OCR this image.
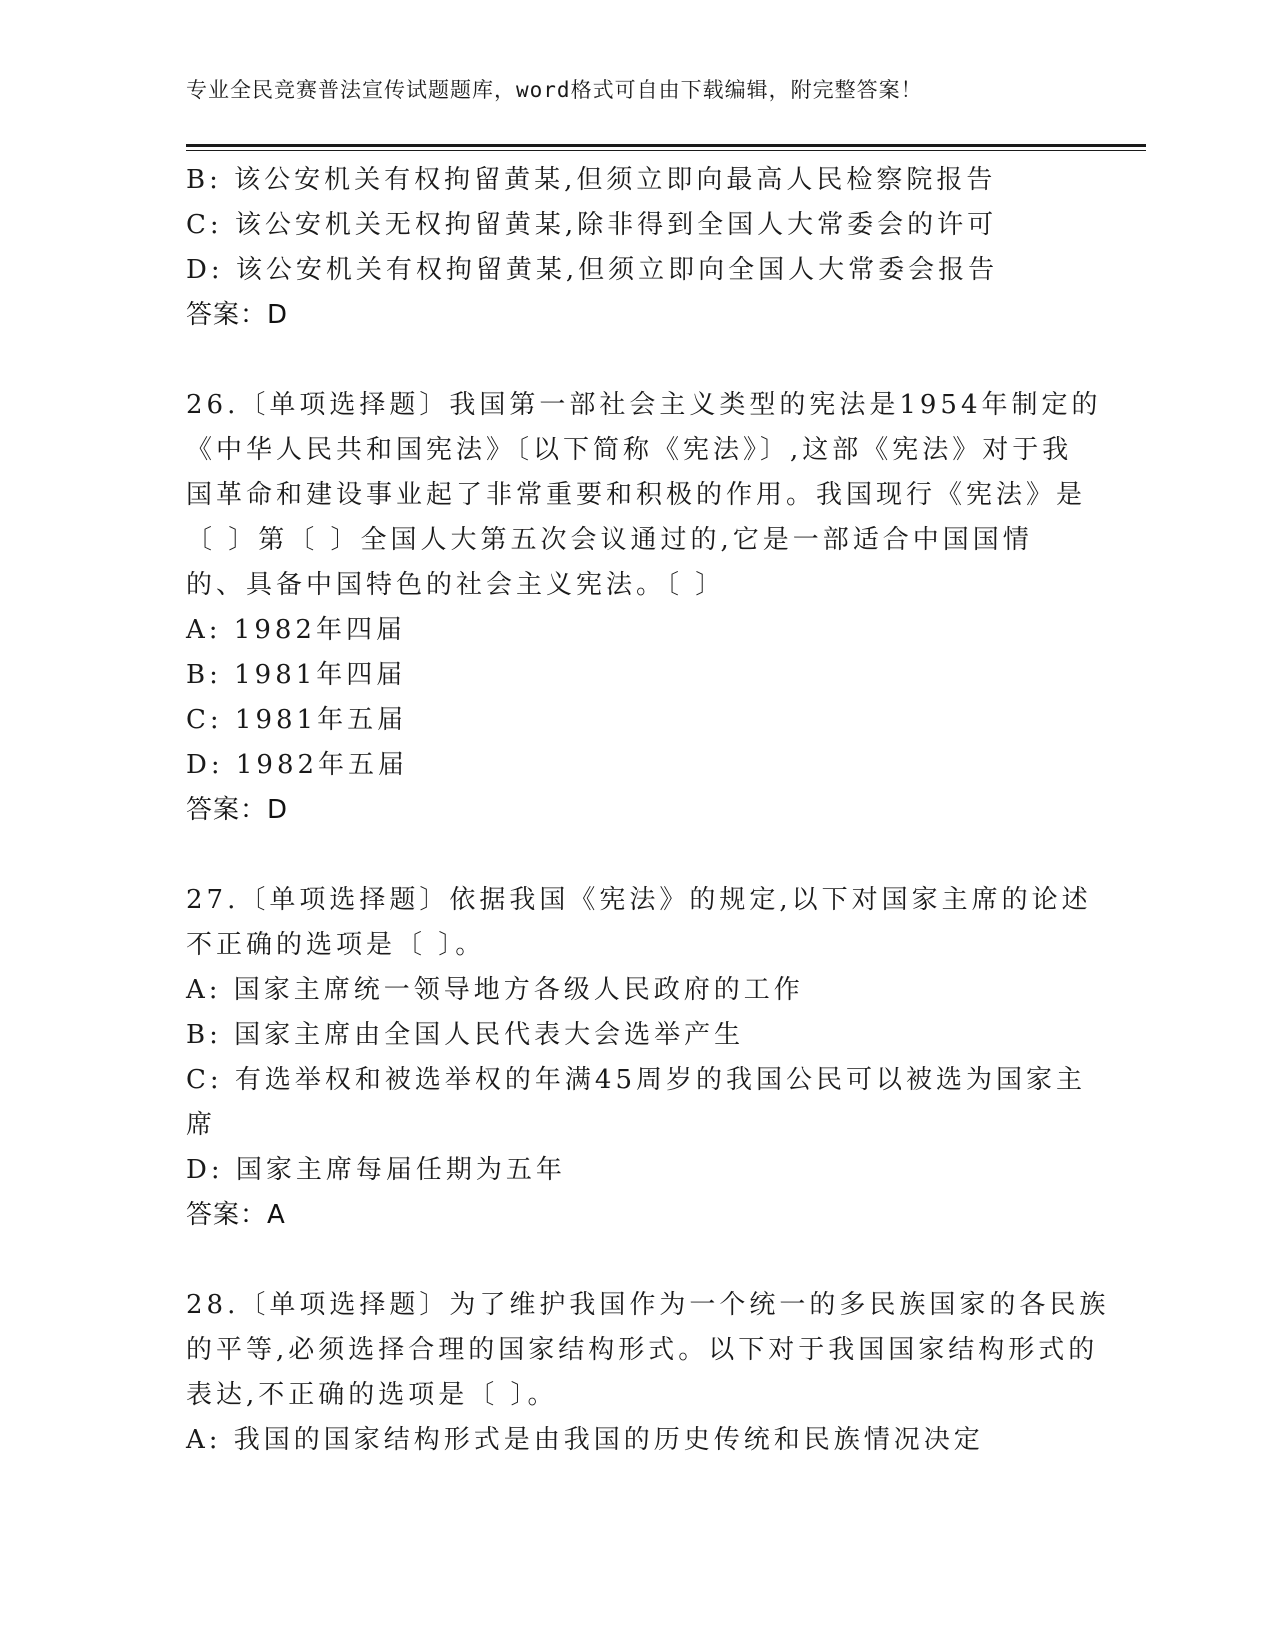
专业全民竞赛普法宣传试题题库，word格式可自由下载编辑，附完整答案！
B: 该公安机关有权拘留黄某,但须立即向最高人民检察院报告
C: 该公安机关无权拘留黄某,除非得到全国人大常委会的许可
D: 该公安机关有权拘留黄某,但须立即向全国人大常委会报告
答案：D
26.〔单项选择题〕我国第一部社会主义类型的宪法是1954年制定的
《中华人民共和国宪法》〔以下简称《宪法》〕,这部《宪法》对于我
国革命和建设事业起了非常重要和积极的作用。我国现行《宪法》是
〔 〕第〔 〕全国人大第五次会议通过的,它是一部适合中国国情
的、具备中国特色的社会主义宪法。〔 〕
A: 1982年四届
B: 1981年四届
C: 1981年五届
D: 1982年五届
答案：D
27.〔单项选择题〕依据我国《宪法》的规定,以下对国家主席的论述
不正确的选项是〔 〕。
A: 国家主席统一领导地方各级人民政府的工作
B: 国家主席由全国人民代表大会选举产生
C: 有选举权和被选举权的年满45周岁的我国公民可以被选为国家主
席
D: 国家主席每届任期为五年
答案：A
28.〔单项选择题〕为了维护我国作为一个统一的多民族国家的各民族
的平等,必须选择合理的国家结构形式。以下对于我国国家结构形式的
表达,不正确的选项是〔 〕。
A: 我国的国家结构形式是由我国的历史传统和民族情况决定
